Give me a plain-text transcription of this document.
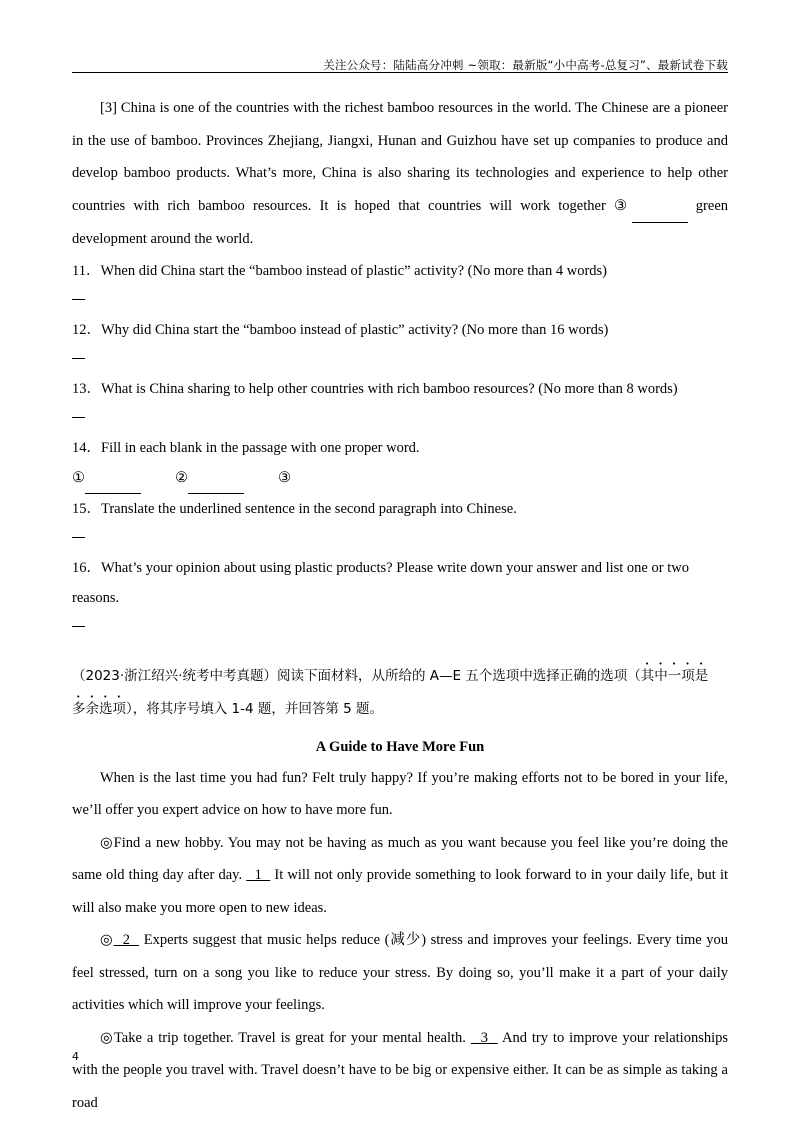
关注公众号：陆陆高分冲刺 ~领取：最新版“小中高考-总复习”、最新试卷下载

[3] China is one of the countries with the richest bamboo resources in the world. The Chinese are a pioneer in the use of bamboo. Provinces Zhejiang, Jiangxi, Hunan and Guizhou have set up companies to produce and develop bamboo products. What’s more, China is also sharing its technologies and experience to help other countries with rich bamboo resources. It is hoped that countries will work together ③	green development around the world.

11．When did China start the “bamboo instead of plastic” activity? (No more than 4 words)

12．Why did China start the “bamboo instead of plastic” activity? (No more than 16 words)

13．What is China sharing to help other countries with rich bamboo resources? (No more than 8 words)

14．Fill in each blank in the passage with one proper word.

①	②	③

15．Translate the underlined sentence in the second paragraph into Chinese.

16．What’s your opinion about using plastic products? Please write down your answer and list one or two reasons.

（2023·浙江绍兴·统考中考真题）阅读下面材料，从所给的 A—E 五个选项中选择正确的选项（其中一项是
多余选项），将其序号填入 1-4 题，并回答第 5 题。

A Guide to Have More Fun

When is the last time you had fun? Felt truly happy? If you’re making efforts not to be bored in your life, we’ll offer you expert advice on how to have more fun.

◎Find a new hobby. You may not be having as much as you want because you feel like you’re doing the same old thing day after day.   1   It will not only provide something to look forward to in your daily life, but it will also make you more open to new ideas.

◎  2   Experts suggest that music helps reduce (减少) stress and improves your feelings. Every time you feel stressed, turn on a song you like to reduce your stress. By doing so, you’ll make it a part of your daily activities which will improve your feelings.

◎Take a trip together. Travel is great for your mental health.   3   And try to improve your relationships with the people you travel with. Travel doesn’t have to be big or expensive either. It can be as simple as taking a road

4
